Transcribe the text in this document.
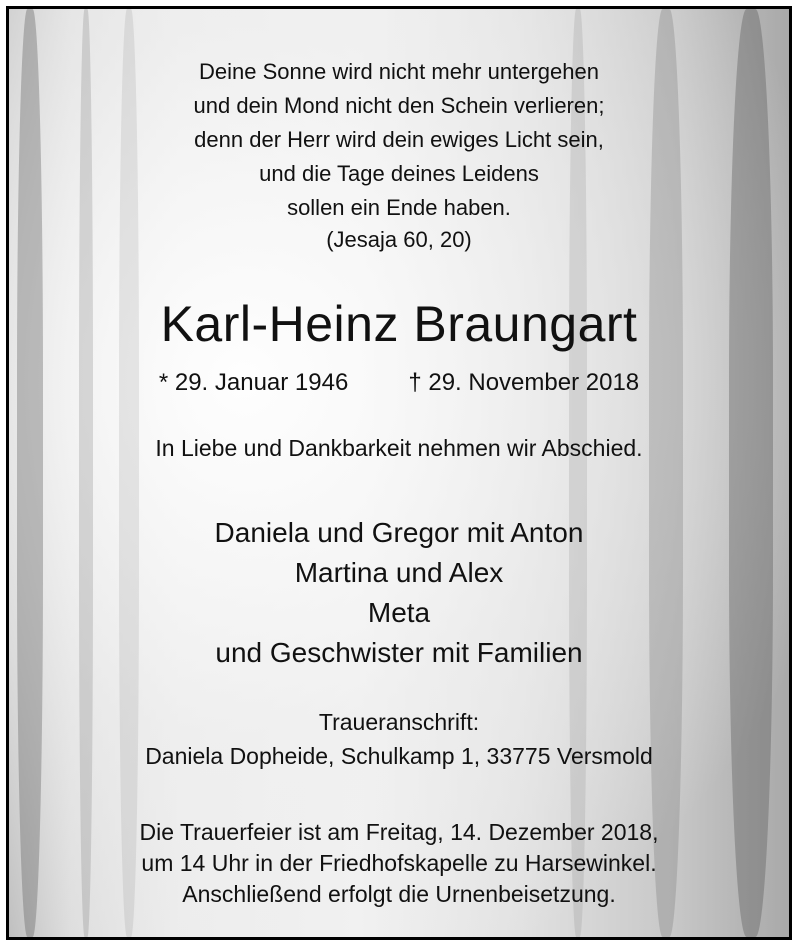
Deine Sonne wird nicht mehr untergehen
und dein Mond nicht den Schein verlieren;
denn der Herr wird dein ewiges Licht sein,
und die Tage deines Leidens
sollen ein Ende haben.
(Jesaja 60, 20)
Karl-Heinz Braungart
* 29. Januar 1946	† 29. November 2018
In Liebe und Dankbarkeit nehmen wir Abschied.
Daniela und Gregor mit Anton
Martina und Alex
Meta
und Geschwister mit Familien
Traueranschrift:
Daniela Dopheide, Schulkamp 1, 33775 Versmold
Die Trauerfeier ist am Freitag, 14. Dezember 2018,
um 14 Uhr in der Friedhofskapelle zu Harsewinkel.
Anschließend erfolgt die Urnenbeisetzung.
